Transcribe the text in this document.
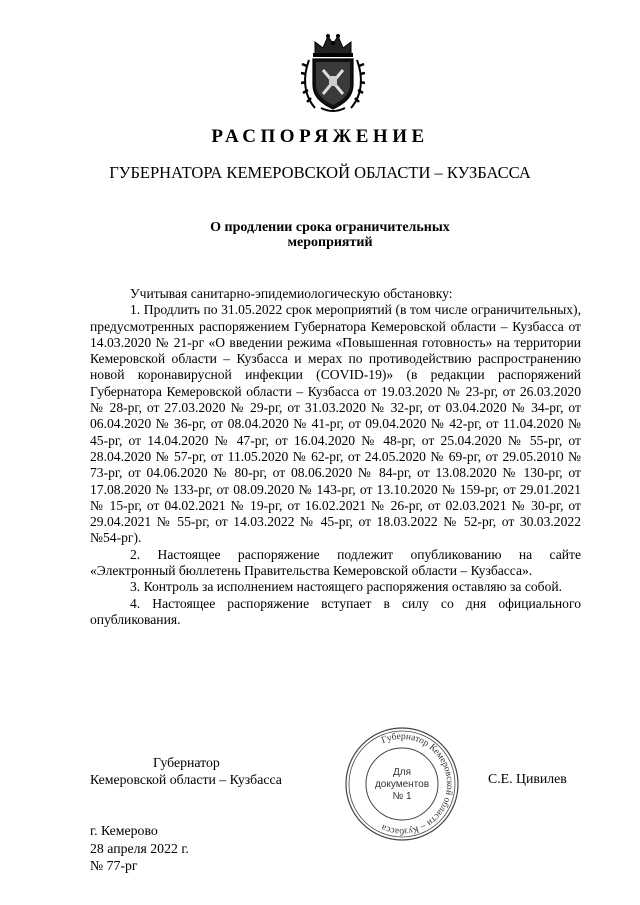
РАСПОРЯЖЕНИЕ
ГУБЕРНАТОРА КЕМЕРОВСКОЙ ОБЛАСТИ – КУЗБАССА
О продлении срока ограничительных
мероприятий

Учитывая санитарно-эпидемиологическую обстановку:

1. Продлить по 31.05.2022 срок мероприятий (в том числе ограничительных), предусмотренных распоряжением Губернатора Кемеровской области – Кузбасса от 14.03.2020 № 21-рг «О введении режима «Повышенная готовность» на территории Кемеровской области – Кузбасса и мерах по противодействию распространению новой коронавирусной инфекции (COVID-19)» (в редакции распоряжений Губернатора Кемеровской области – Кузбасса от 19.03.2020 № 23-рг, от 26.03.2020 № 28-рг, от 27.03.2020 № 29-рг, от 31.03.2020 № 32-рг, от 03.04.2020 № 34-рг, от 06.04.2020 № 36-рг, от 08.04.2020 № 41-рг, от 09.04.2020 № 42-рг, от 11.04.2020 № 45-рг, от 14.04.2020 № 47-рг, от 16.04.2020 № 48-рг, от 25.04.2020 № 55-рг, от 28.04.2020 № 57-рг, от 11.05.2020 № 62-рг, от 24.05.2020 № 69-рг, от 29.05.2010 № 73-рг, от 04.06.2020 № 80-рг, от 08.06.2020 № 84-рг, от 13.08.2020 № 130-рг, от 17.08.2020 № 133-рг, от 08.09.2020 № 143-рг, от 13.10.2020 № 159-рг, от 29.01.2021 № 15-рг, от 04.02.2021 № 19-рг, от 16.02.2021 № 26-рг, от 02.03.2021 № 30-рг, от 29.04.2021 № 55-рг, от 14.03.2022 № 45-рг, от 18.03.2022 № 52-рг, от 30.03.2022 №54-рг).

2. Настоящее распоряжение подлежит опубликованию на сайте «Электронный бюллетень Правительства Кемеровской области – Кузбасса».

3. Контроль за исполнением настоящего распоряжения оставляю за собой.

4. Настоящее распоряжение вступает в силу со дня официального опубликования.

Губернатор
Кемеровской области – Кузбасса
Губернатор Кемеровской области – Кузбасса
Для
документов
№ 1
С.Е. Цивилев
г. Кемерово
28 апреля 2022 г.
№ 77-рг
